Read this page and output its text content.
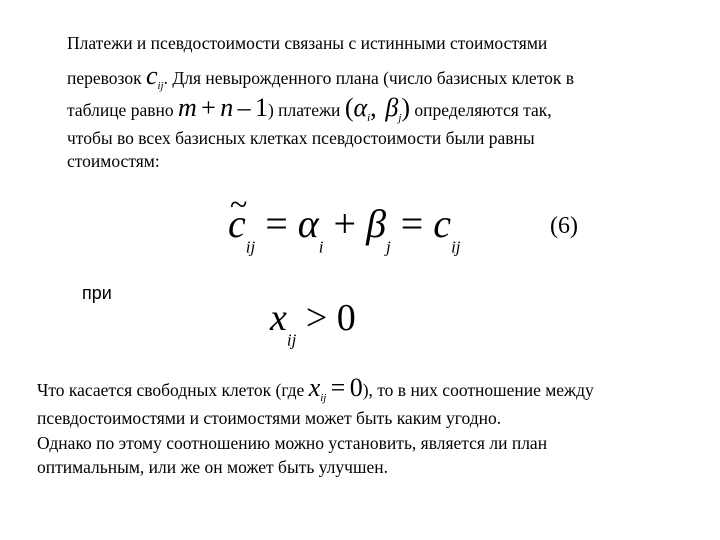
Платежи и псевдостоимости связаны с истинными стоимостями
перевозок $c_{ij}$. Для невырожденного плана (число базисных клеток в
таблице равно m + n – 1) платежи ($\alpha_i$, $\beta_j$) определяются так,
чтобы во всех базисных клетках псевдостоимости были равны
стоимостям:
~ $c_{ij} = \alpha_i + \beta_j = c_{ij}$
(6)
при
$x_{ij} > 0$
Что касается свободных клеток (где $x_{ij} = 0$), то в них соотношение между
псевдостоимостями и стоимостями может быть каким угодно.
Однако по этому соотношению можно установить, является ли план
оптимальным, или же он может быть улучшен.
